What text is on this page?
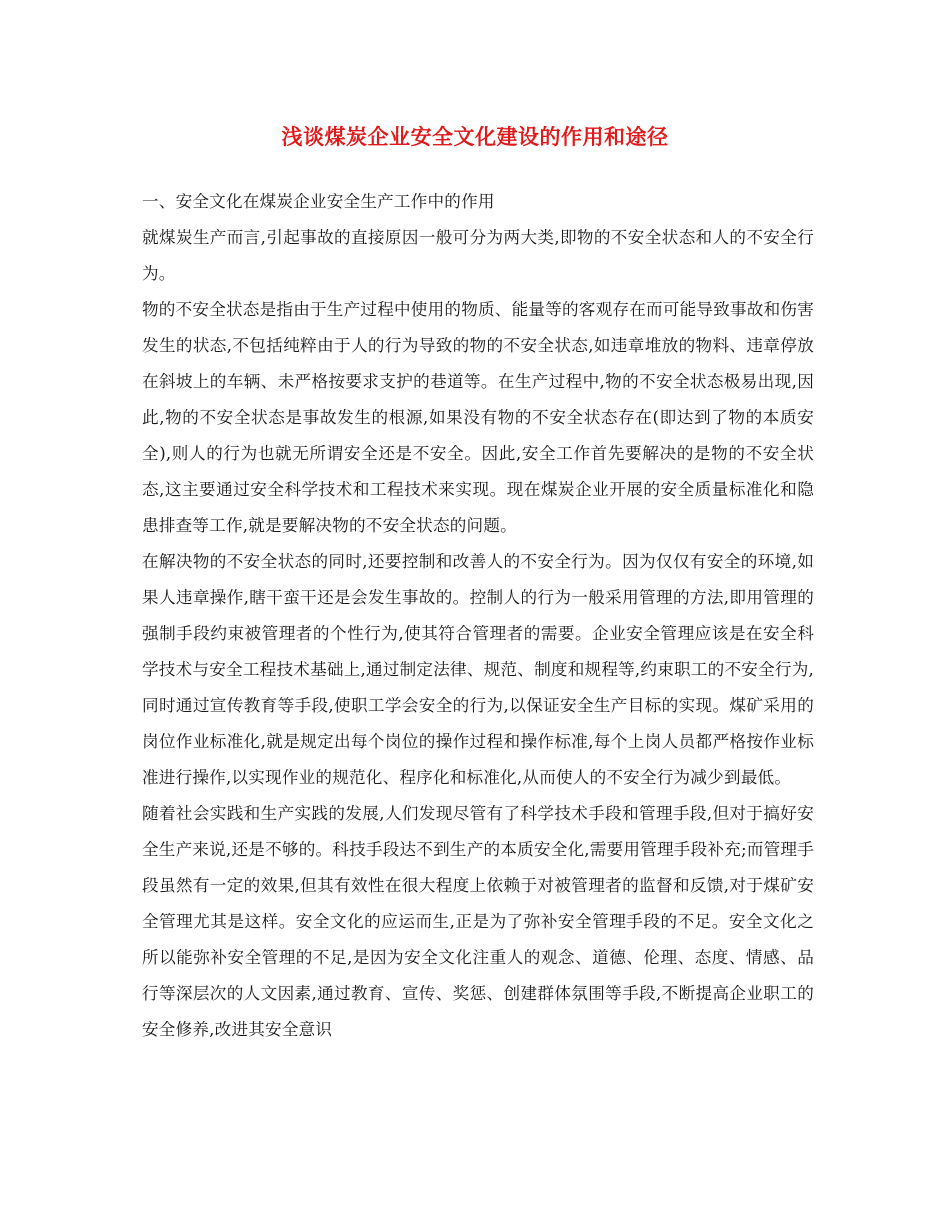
浅谈煤炭企业安全文化建设的作用和途径

一、安全文化在煤炭企业安全生产工作中的作用

就煤炭生产而言,引起事故的直接原因一般可分为两大类,即物的不安全状态和人的不安全行为。

物的不安全状态是指由于生产过程中使用的物质、能量等的客观存在而可能导致事故和伤害发生的状态,不包括纯粹由于人的行为导致的物的不安全状态,如违章堆放的物料、违章停放在斜坡上的车辆、未严格按要求支护的巷道等。在生产过程中,物的不安全状态极易出现,因此,物的不安全状态是事故发生的根源,如果没有物的不安全状态存在(即达到了物的本质安全),则人的行为也就无所谓安全还是不安全。因此,安全工作首先要解决的是物的不安全状态,这主要通过安全科学技术和工程技术来实现。现在煤炭企业开展的安全质量标准化和隐患排查等工作,就是要解决物的不安全状态的问题。

在解决物的不安全状态的同时,还要控制和改善人的不安全行为。因为仅仅有安全的环境,如果人违章操作,瞎干蛮干还是会发生事故的。控制人的行为一般采用管理的方法,即用管理的强制手段约束被管理者的个性行为,使其符合管理者的需要。企业安全管理应该是在安全科学技术与安全工程技术基础上,通过制定法律、规范、制度和规程等,约束职工的不安全行为,同时通过宣传教育等手段,使职工学会安全的行为,以保证安全生产目标的实现。煤矿采用的岗位作业标准化,就是规定出每个岗位的操作过程和操作标准,每个上岗人员都严格按作业标准进行操作,以实现作业的规范化、程序化和标准化,从而使人的不安全行为减少到最低。

随着社会实践和生产实践的发展,人们发现尽管有了科学技术手段和管理手段,但对于搞好安全生产来说,还是不够的。科技手段达不到生产的本质安全化,需要用管理手段补充;而管理手段虽然有一定的效果,但其有效性在很大程度上依赖于对被管理者的监督和反馈,对于煤矿安全管理尤其是这样。安全文化的应运而生,正是为了弥补安全管理手段的不足。安全文化之所以能弥补安全管理的不足,是因为安全文化注重人的观念、道德、伦理、态度、情感、品行等深层次的人文因素,通过教育、宣传、奖惩、创建群体氛围等手段,不断提高企业职工的安全修养,改进其安全意识
